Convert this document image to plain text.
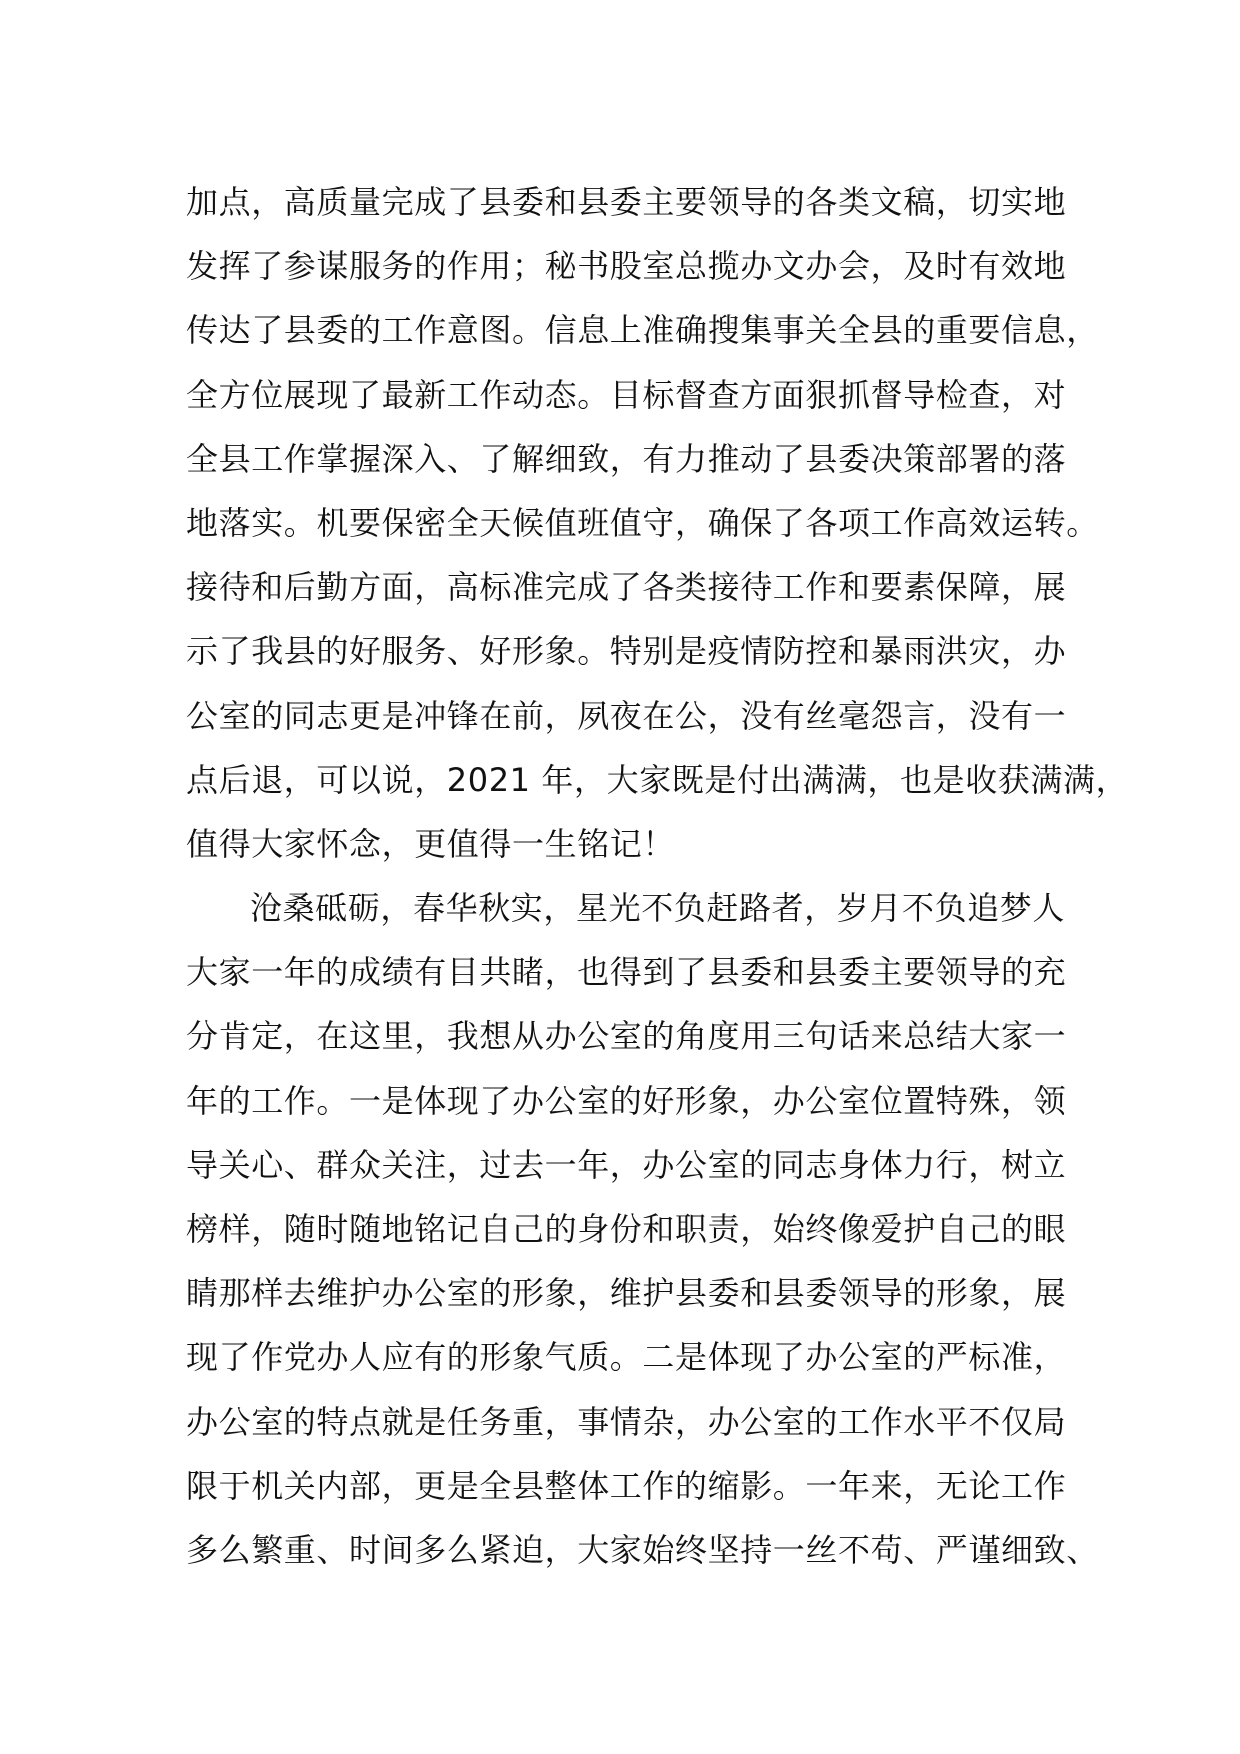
加点，高质量完成了县委和县委主要领导的各类文稿，切实地
发挥了参谋服务的作用；秘书股室总揽办文办会，及时有效地
传达了县委的工作意图。信息上准确搜集事关全县的重要信息，
全方位展现了最新工作动态。目标督查方面狠抓督导检查，对
全县工作掌握深入、了解细致，有力推动了县委决策部署的落
地落实。机要保密全天候值班值守，确保了各项工作高效运转。
接待和后勤方面，高标准完成了各类接待工作和要素保障，展
示了我县的好服务、好形象。特别是疫情防控和暴雨洪灾，办
公室的同志更是冲锋在前，夙夜在公，没有丝毫怨言，没有一
点后退，可以说，2021 年，大家既是付出满满，也是收获满满，
值得大家怀念，更值得一生铭记！
沧桑砥砺，春华秋实，星光不负赶路者，岁月不负追梦人
大家一年的成绩有目共睹，也得到了县委和县委主要领导的充
分肯定，在这里，我想从办公室的角度用三句话来总结大家一
年的工作。一是体现了办公室的好形象，办公室位置特殊，领
导关心、群众关注，过去一年，办公室的同志身体力行，树立
榜样，随时随地铭记自己的身份和职责，始终像爱护自己的眼
睛那样去维护办公室的形象，维护县委和县委领导的形象，展
现了作党办人应有的形象气质。二是体现了办公室的严标准，
办公室的特点就是任务重，事情杂，办公室的工作水平不仅局
限于机关内部，更是全县整体工作的缩影。一年来，无论工作
多么繁重、时间多么紧迫，大家始终坚持一丝不苟、严谨细致、
